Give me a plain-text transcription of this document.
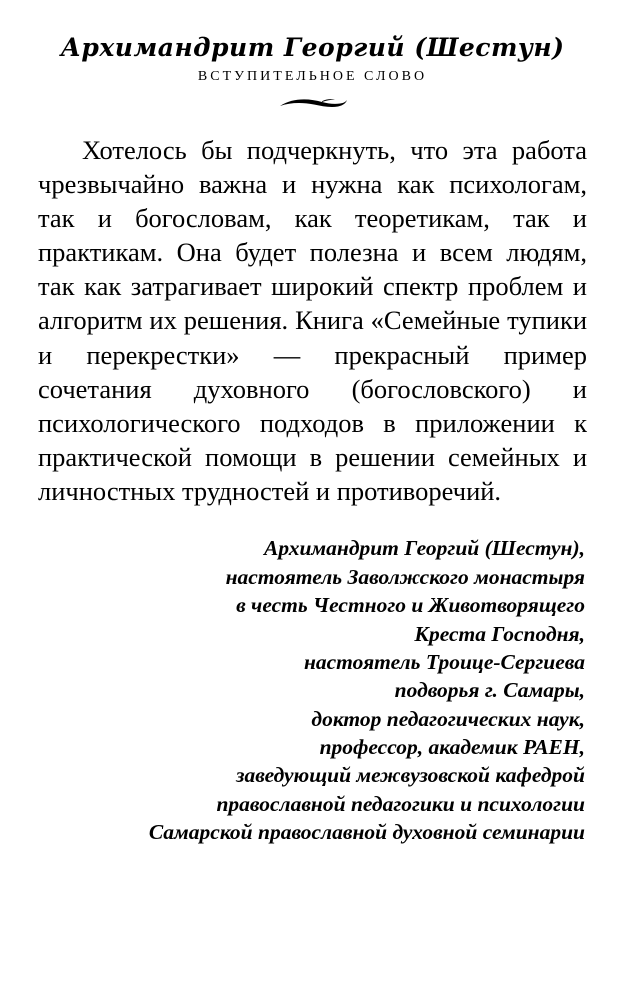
Архимандрит Георгий (Шестун)
ВСТУПИТЕЛЬНОЕ СЛОВО

Хотелось бы подчеркнуть, что эта работа чрезвычайно важна и нужна как психологам, так и богословам, как теоретикам, так и практикам. Она будет полезна и всем людям, так как затрагивает широкий спектр проблем и алгоритм их решения. Книга «Семейные тупики и перекрестки» — прекрасный пример сочетания духовного (богословского) и психологического подходов в приложении к практической помощи в решении семейных и личностных трудностей и противоречий.

Архимандрит Георгий (Шестун),
настоятель Заволжского монастыря
в честь Честного и Животворящего
Креста Господня,
настоятель Троице-Сергиева
подворья г. Самары,
доктор педагогических наук,
профессор, академик РАЕН,
заведующий межвузовской кафедрой
православной педагогики и психологии
Самарской православной духовной семинарии
